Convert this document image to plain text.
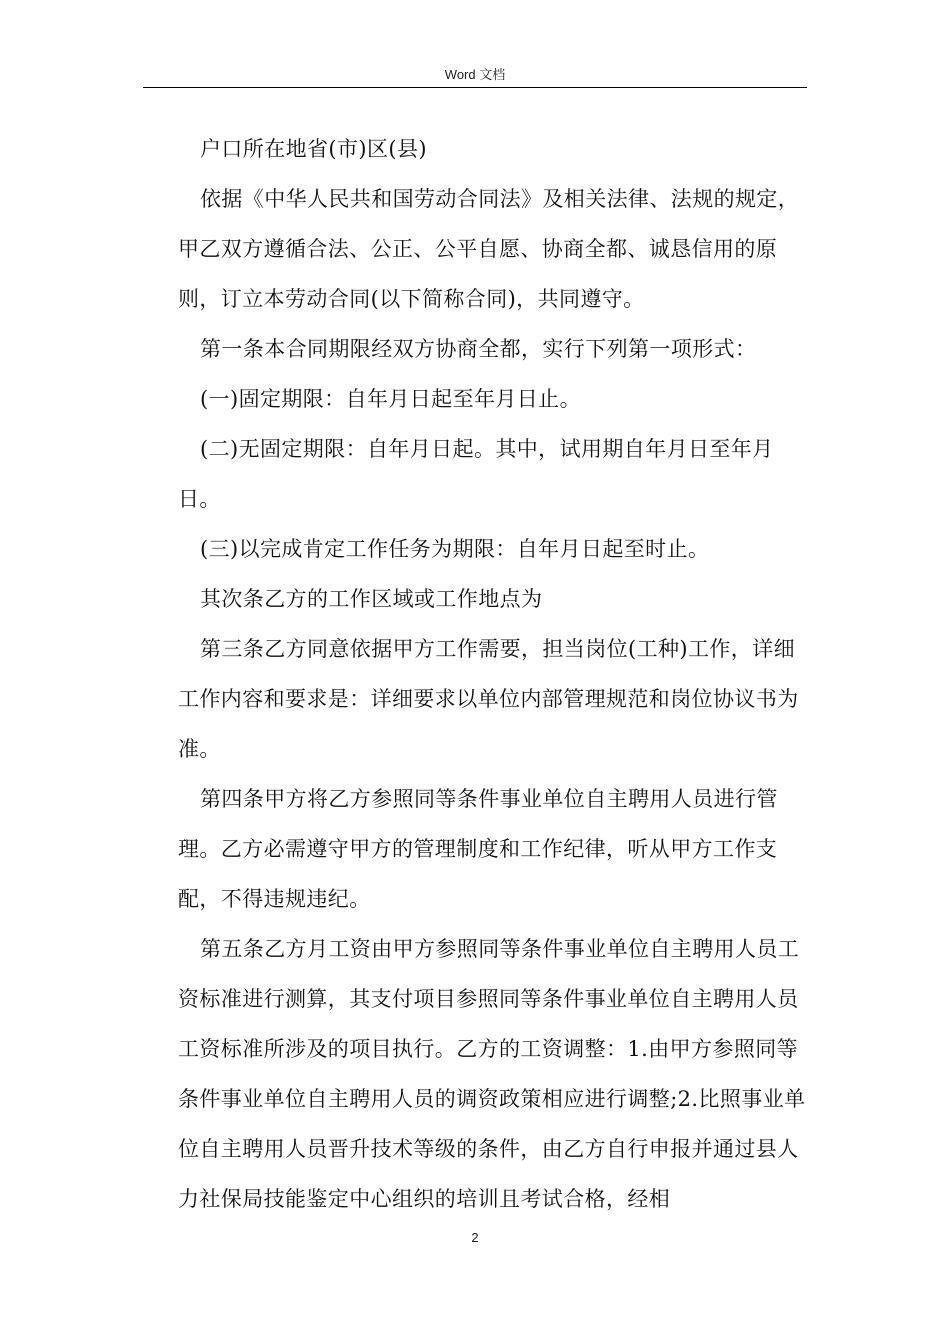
Word 文档

户口所在地省(市)区(县)

依据《中华人民共和国劳动合同法》及相关法律、法规的规定，甲乙双方遵循合法、公正、公平自愿、协商全都、诚恳信用的原则，订立本劳动合同(以下简称合同)，共同遵守。

第一条本合同期限经双方协商全都，实行下列第一项形式：

(一)固定期限：自年月日起至年月日止。

(二)无固定期限：自年月日起。其中，试用期自年月日至年月日。

(三)以完成肯定工作任务为期限：自年月日起至时止。

其次条乙方的工作区域或工作地点为

第三条乙方同意依据甲方工作需要，担当岗位(工种)工作，详细工作内容和要求是：详细要求以单位内部管理规范和岗位协议书为准。

第四条甲方将乙方参照同等条件事业单位自主聘用人员进行管理。乙方必需遵守甲方的管理制度和工作纪律，听从甲方工作支配，不得违规违纪。

第五条乙方月工资由甲方参照同等条件事业单位自主聘用人员工资标准进行测算，其支付项目参照同等条件事业单位自主聘用人员工资标准所涉及的项目执行。乙方的工资调整：1.由甲方参照同等条件事业单位自主聘用人员的调资政策相应进行调整;2.比照事业单位自主聘用人员晋升技术等级的条件，由乙方自行申报并通过县人力社保局技能鉴定中心组织的培训且考试合格，经相

2
